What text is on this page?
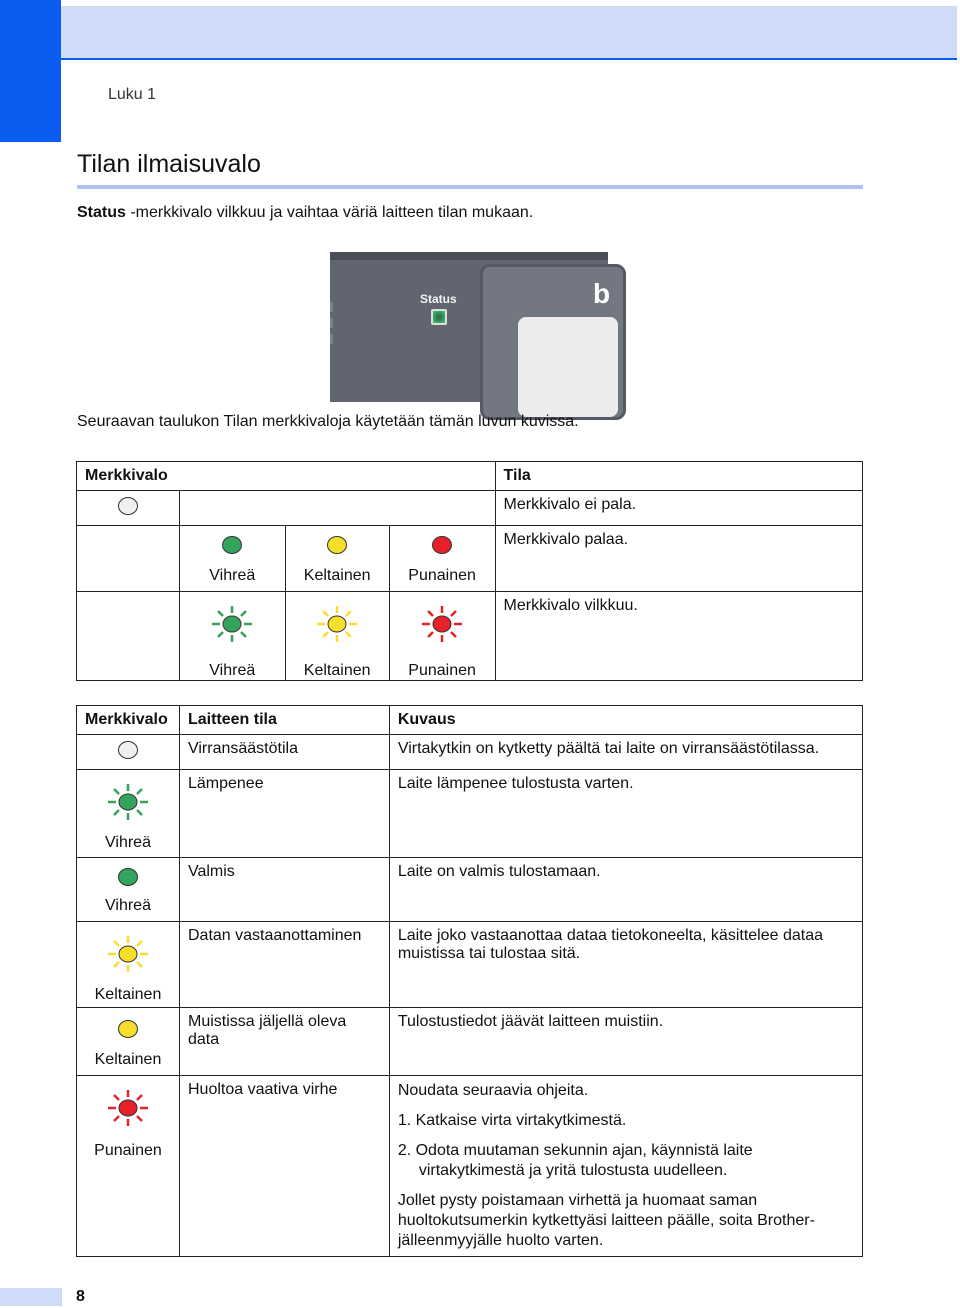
Luku 1
Tilan ilmaisuvalo
Status -merkkivalo vilkkuu ja vaihtaa väriä laitteen tilan mukaan.
Status	b
Seuraavan taulukon Tilan merkkivaloja käytetään tämän luvun kuvissa.
Merkkivalo				Tila
				Merkkivalo ei pala.

	Vihreä	Keltainen	Punainen	Merkkivalo palaa.

	Vihreä	Keltainen	Punainen	Merkkivalo vilkkuu.
Merkkivalo	Laitteen tila	Kuvaus
	Virransäästötila	Virtakytkin on kytketty päältä tai laite on virransäästötilassa.

Vihreä	Lämpenee	Laite lämpenee tulostusta varten.

Vihreä	Valmis	Laite on valmis tulostamaan.

Keltainen	Datan vastaanottaminen	Laite joko vastaanottaa dataa tietokoneelta, käsittelee dataa muistissa tai tulostaa sitä.

Keltainen	Muistissa jäljellä oleva data	Tulostustiedot jäävät laitteen muistiin.

Punainen	Huoltoa vaativa virhe	Noudata seuraavia ohjeita.
1. Katkaise virta virtakytkimestä.
2. Odota muutaman sekunnin ajan, käynnistä laite
virtakytkimestä ja yritä tulostusta uudelleen.
Jollet pysty poistamaan virhettä ja huomaat saman huoltokutsumerkin kytkettyäsi laitteen päälle, soita Brother-jälleenmyyjälle huolto varten.
8
